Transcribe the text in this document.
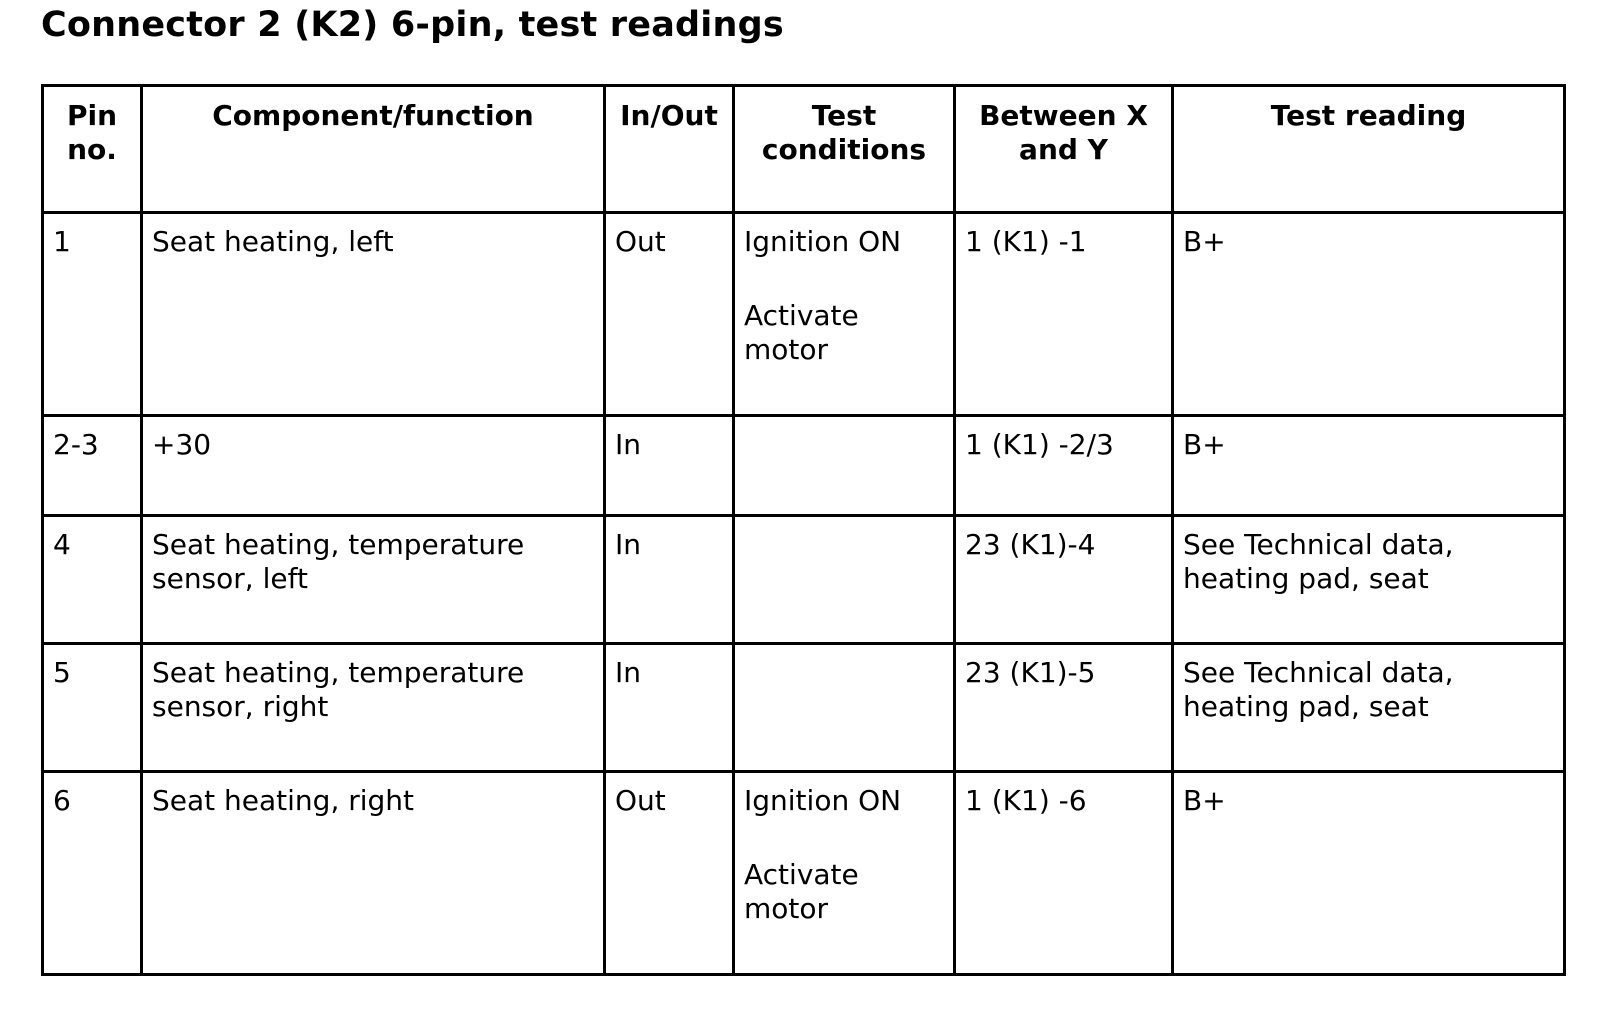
Connector 2 (K2) 6-pin, test readings
Pin
no.	Component/function	In/Out	Test
conditions	Between X
and Y	Test reading

1	Seat heating, left	Out	Ignition ON
Activate
motor	1 (K1) -1	B+

2-3	+30	In		1 (K1) -2/3	B+

4	Seat heating, temperature
sensor, left	In		23 (K1)-4	See Technical data,
heating pad, seat

5	Seat heating, temperature
sensor, right	In		23 (K1)-5	See Technical data,
heating pad, seat

6	Seat heating, right	Out	Ignition ON
Activate
motor	1 (K1) -6	B+
